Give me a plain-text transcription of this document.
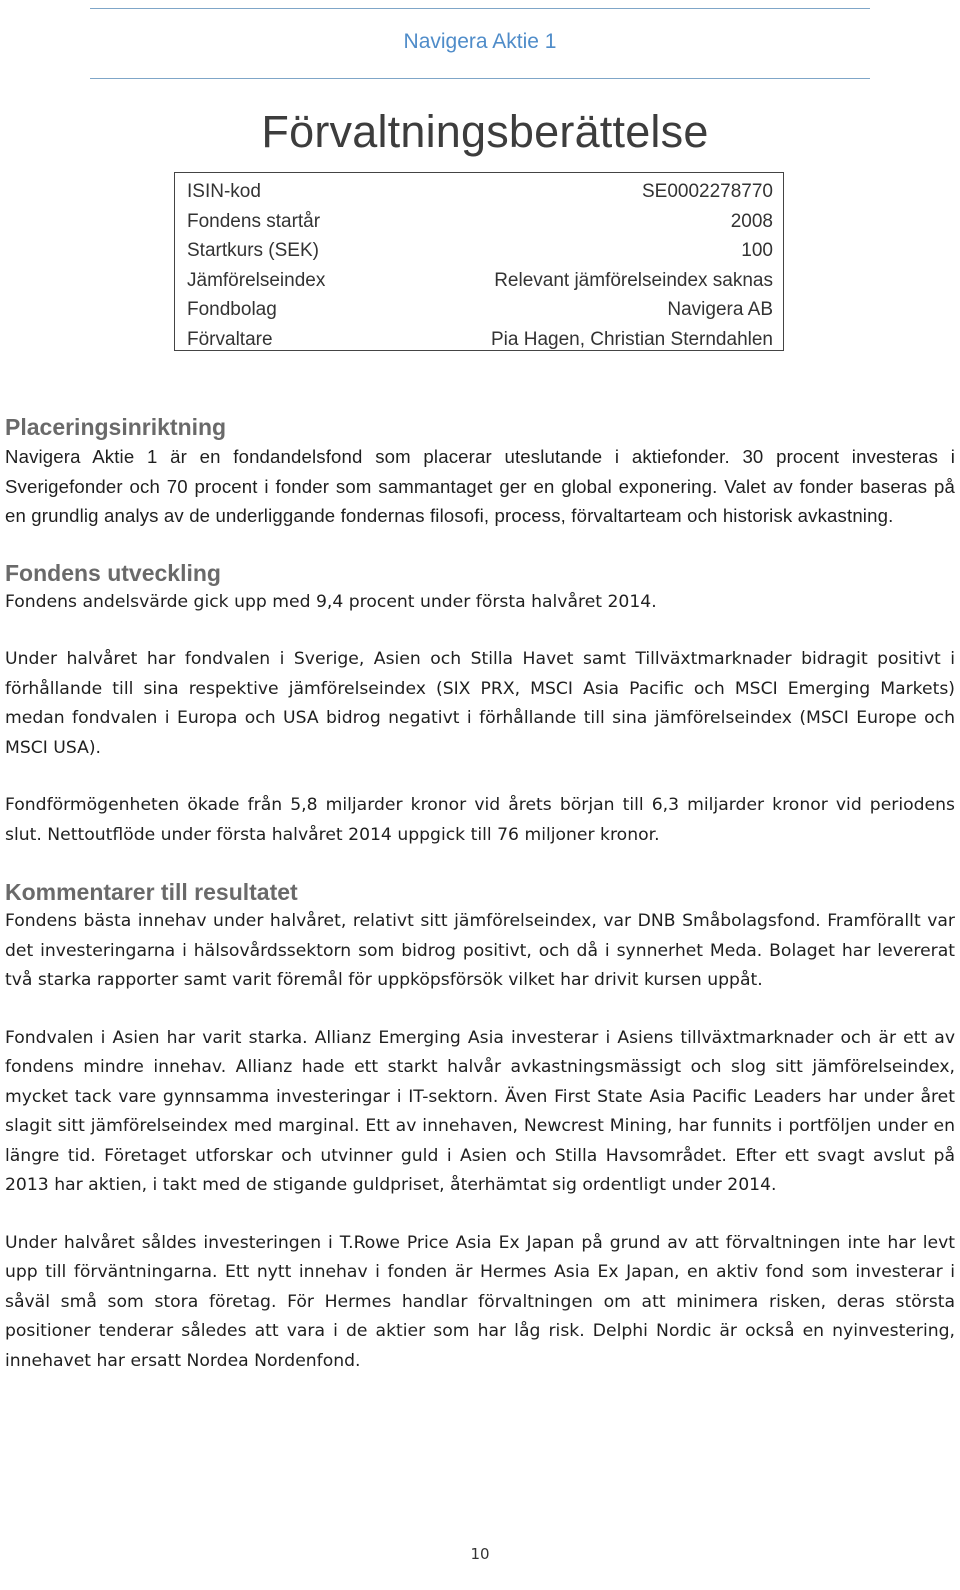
Navigera Aktie 1
Förvaltningsberättelse
ISIN-kod	SE0002278770
Fondens startår	2008
Startkurs (SEK)	100
Jämförelseindex	Relevant jämförelseindex saknas
Fondbolag	Navigera AB
Förvaltare	Pia Hagen, Christian Sterndahlen
Placeringsinriktning

Navigera Aktie 1 är en fondandelsfond som placerar uteslutande i aktiefonder. 30 procent investeras i Sverigefonder och 70 procent i fonder som sammantaget ger en global exponering. Valet av fonder baseras på en grundlig analys av de underliggande fondernas filosofi, process, förvaltarteam och historisk avkastning.

Fondens utveckling

Fondens andelsvärde gick upp med 9,4 procent under första halvåret 2014.

Under halvåret har fondvalen i Sverige, Asien och Stilla Havet samt Tillväxtmarknader bidragit positivt i förhållande till sina respektive jämförelseindex (SIX PRX, MSCI Asia Pacific och MSCI Emerging Markets) medan fondvalen i Europa och USA bidrog negativt i förhållande till sina jämförelseindex (MSCI Europe och MSCI USA).

Fondförmögenheten ökade från 5,8 miljarder kronor vid årets början till 6,3 miljarder kronor vid periodens slut. Nettoutflöde under första halvåret 2014 uppgick till 76 miljoner kronor.

Kommentarer till resultatet

Fondens bästa innehav under halvåret, relativt sitt jämförelseindex, var DNB Småbolagsfond. Framförallt var det investeringarna i hälsovårdssektorn som bidrog positivt, och då i synnerhet Meda. Bolaget har levererat två starka rapporter samt varit föremål för uppköpsförsök vilket har drivit kursen uppåt.

Fondvalen i Asien har varit starka. Allianz Emerging Asia investerar i Asiens tillväxtmarknader och är ett av fondens mindre innehav. Allianz hade ett starkt halvår avkastningsmässigt och slog sitt jämförelseindex, mycket tack vare gynnsamma investeringar i IT-sektorn. Även First State Asia Pacific Leaders har under året slagit sitt jämförelseindex med marginal. Ett av innehaven, Newcrest Mining, har funnits i portföljen under en längre tid. Företaget utforskar och utvinner guld i Asien och Stilla Havsområdet. Efter ett svagt avslut på 2013 har aktien, i takt med de stigande guldpriset, återhämtat sig ordentligt under 2014.

Under halvåret såldes investeringen i T.Rowe Price Asia Ex Japan på grund av att förvaltningen inte har levt upp till förväntningarna. Ett nytt innehav i fonden är Hermes Asia Ex Japan, en aktiv fond som investerar i såväl små som stora företag. För Hermes handlar förvaltningen om att minimera risken, deras största positioner tenderar således att vara i de aktier som har låg risk. Delphi Nordic är också en nyinvestering, innehavet har ersatt Nordea Nordenfond.

10
